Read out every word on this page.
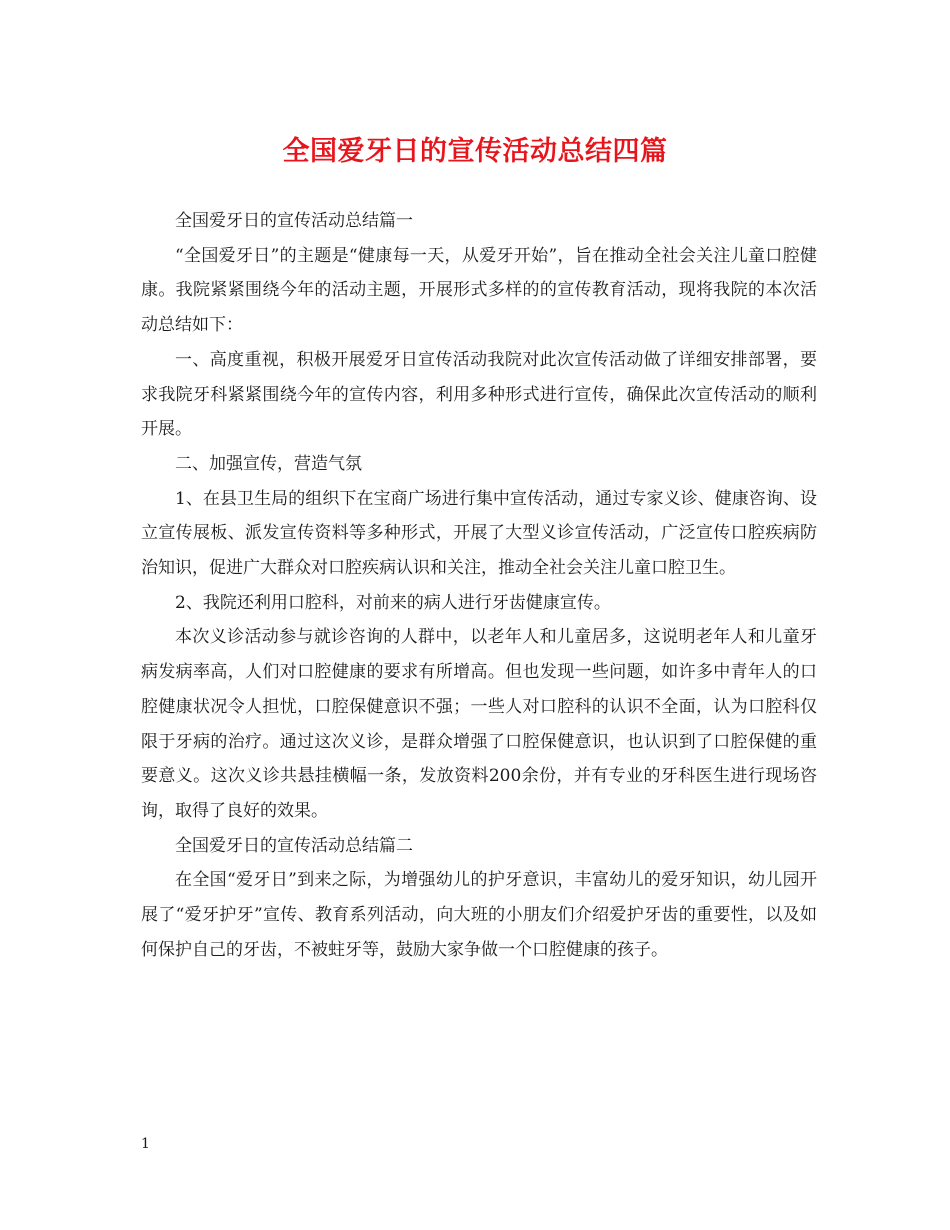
全国爱牙日的宣传活动总结四篇

全国爱牙日的宣传活动总结篇一

“全国爱牙日”的主题是“健康每一天，从爱牙开始”，旨在推动全社会关注儿童口腔健康。我院紧紧围绕今年的活动主题，开展形式多样的的宣传教育活动，现将我院的本次活动总结如下：

一、高度重视，积极开展爱牙日宣传活动我院对此次宣传活动做了详细安排部署，要求我院牙科紧紧围绕今年的宣传内容，利用多种形式进行宣传，确保此次宣传活动的顺利开展。

二、加强宣传，营造气氛

1、在县卫生局的组织下在宝商广场进行集中宣传活动，通过专家义诊、健康咨询、设立宣传展板、派发宣传资料等多种形式，开展了大型义诊宣传活动，广泛宣传口腔疾病防治知识，促进广大群众对口腔疾病认识和关注，推动全社会关注儿童口腔卫生。

2、我院还利用口腔科，对前来的病人进行牙齿健康宣传。

本次义诊活动参与就诊咨询的人群中，以老年人和儿童居多，这说明老年人和儿童牙病发病率高，人们对口腔健康的要求有所增高。但也发现一些问题，如许多中青年人的口腔健康状况令人担忧，口腔保健意识不强；一些人对口腔科的认识不全面，认为口腔科仅限于牙病的治疗。通过这次义诊，是群众增强了口腔保健意识，也认识到了口腔保健的重要意义。这次义诊共悬挂横幅一条，发放资料200余份，并有专业的牙科医生进行现场咨询，取得了良好的效果。

全国爱牙日的宣传活动总结篇二

在全国“爱牙日”到来之际，为增强幼儿的护牙意识，丰富幼儿的爱牙知识，幼儿园开展了“爱牙护牙”宣传、教育系列活动，向大班的小朋友们介绍爱护牙齿的重要性，以及如何保护自己的牙齿，不被蛀牙等，鼓励大家争做一个口腔健康的孩子。

1
